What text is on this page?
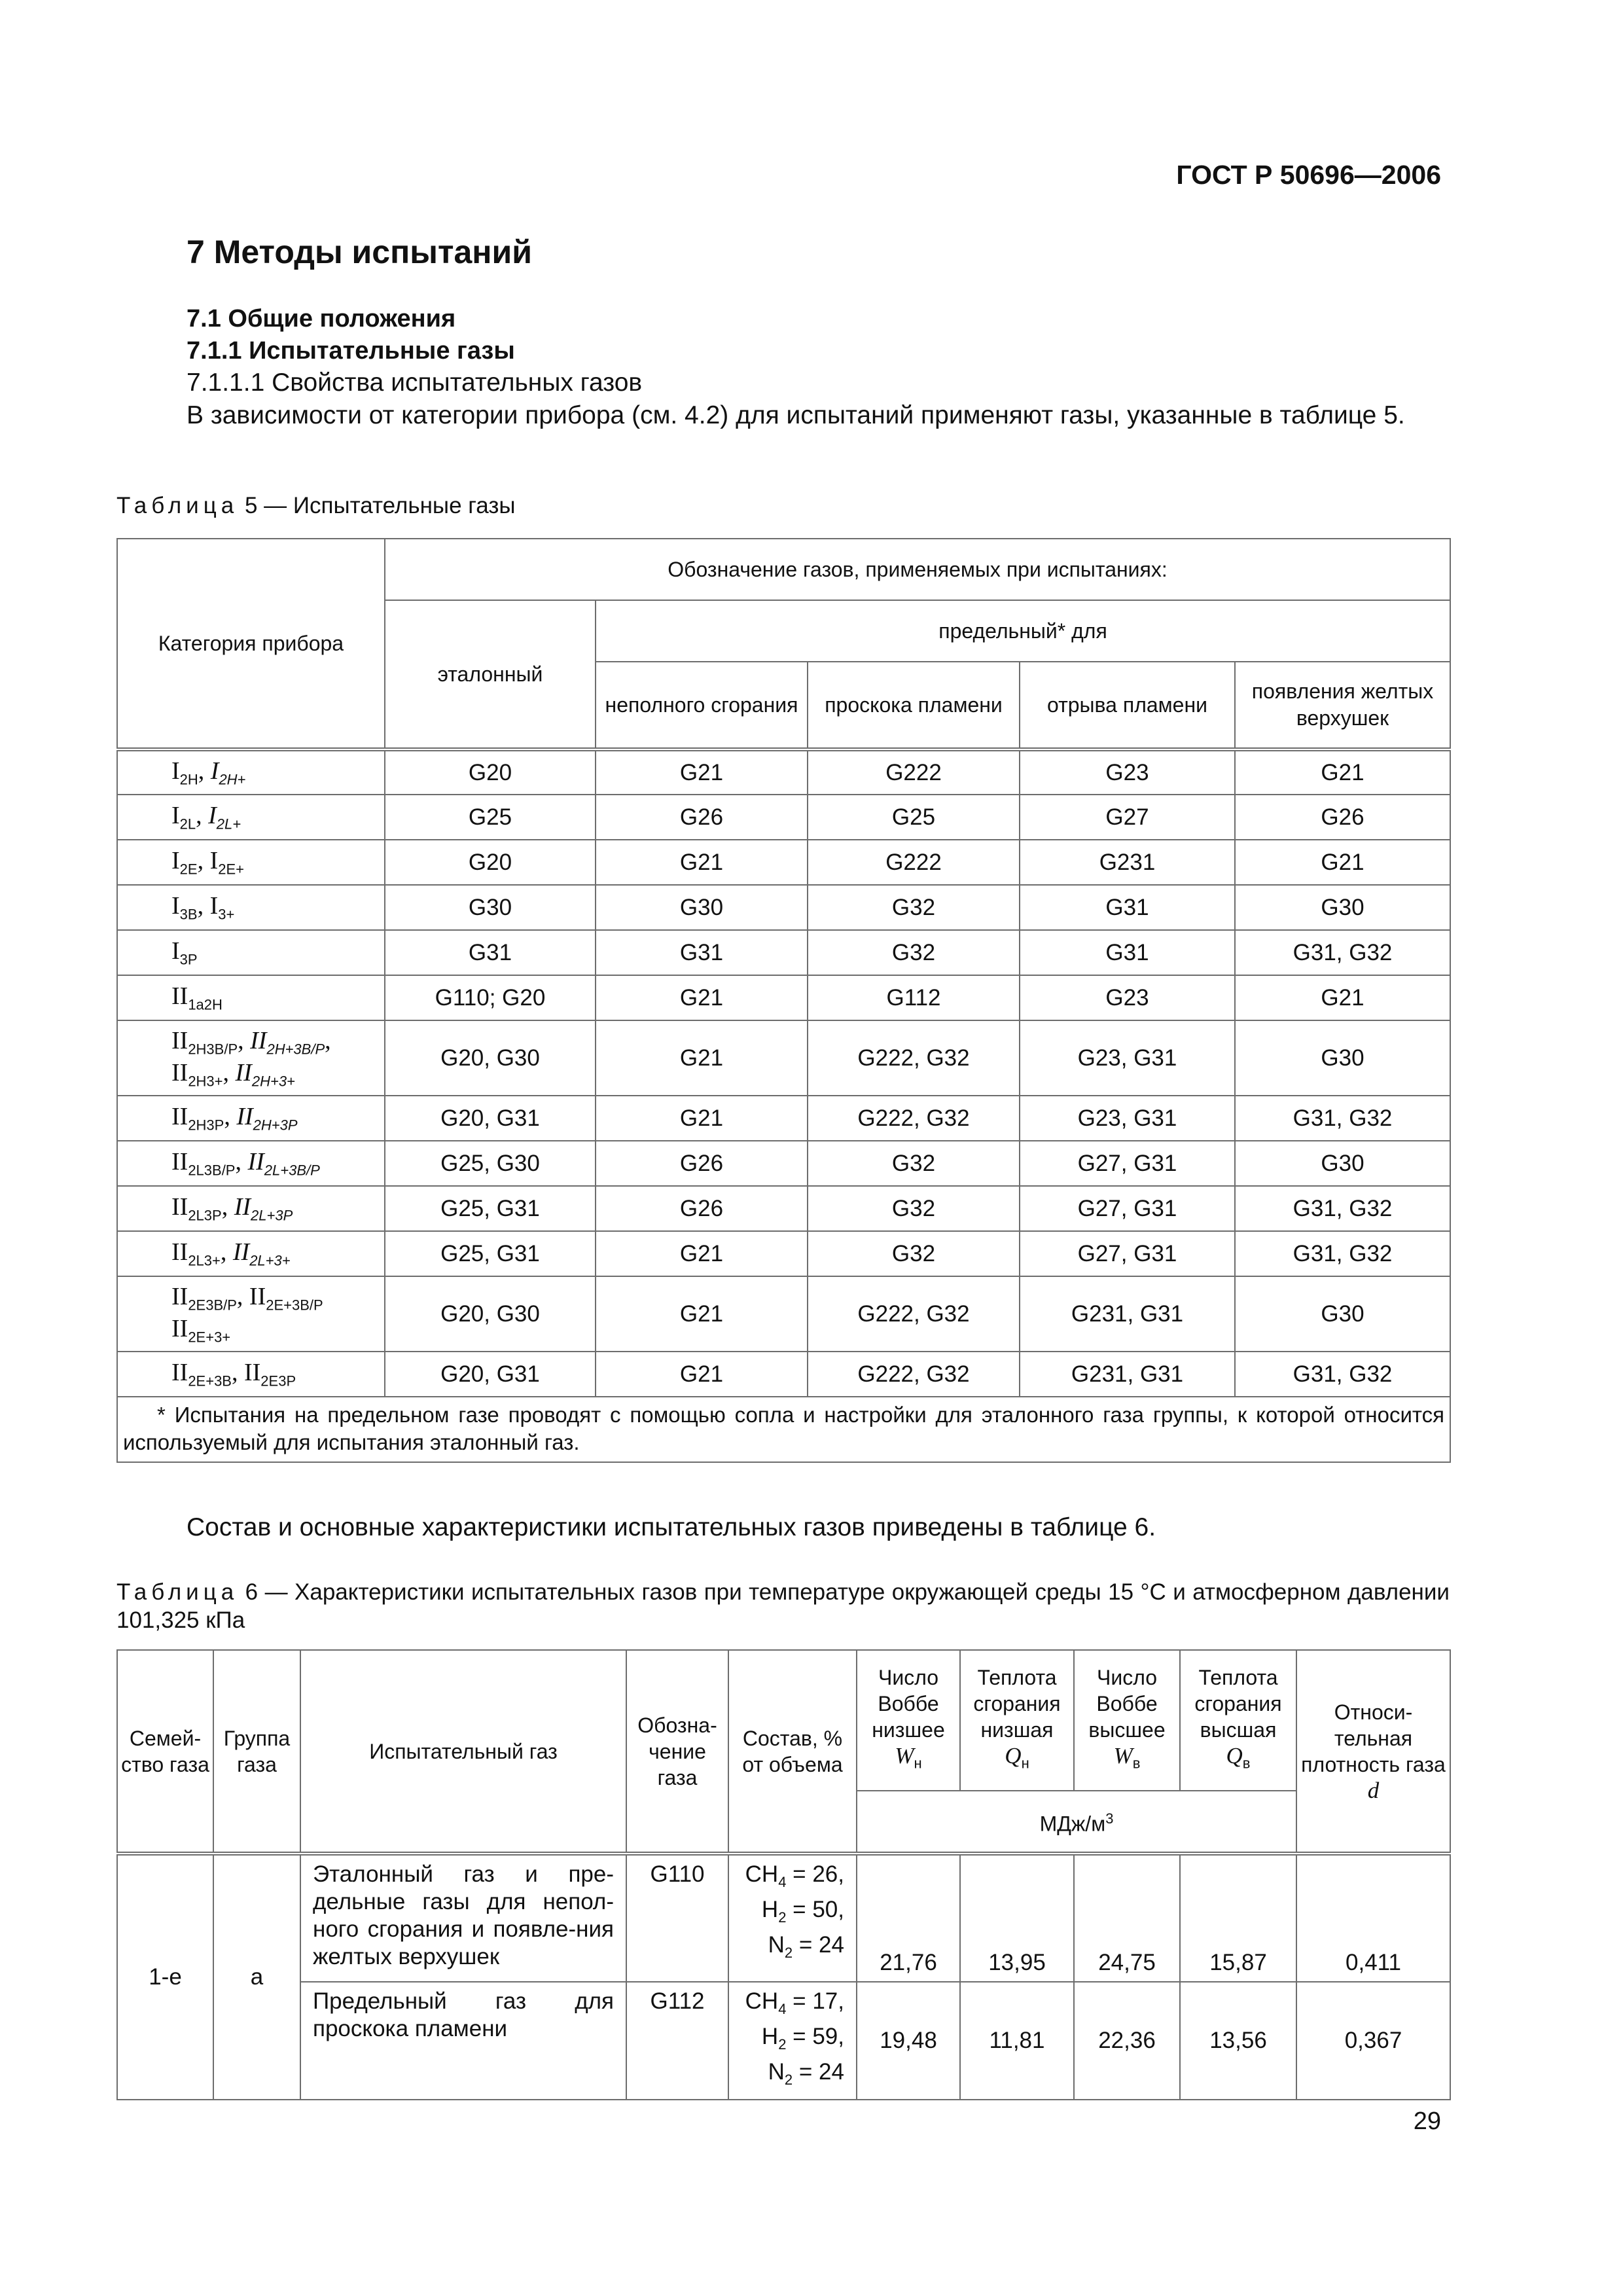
ГОСТ Р 50696—2006
7 Методы испытаний
7.1 Общие положения
7.1.1 Испытательные газы
7.1.1.1 Свойства испытательных газов
В зависимости от категории прибора (см. 4.2) для испытаний применяют газы, указанные в таблице 5.
Таблица 5 — Испытательные газы
Категория прибора	Обозначение газов, применяемых при испытаниях:				
	эталонный	предельный* для			
		неполного сгорания	проскока пламени	отрыва пламени	появления желтых верхушек
$I_{2H}$, $I_{2H+}$	G20	G21	G222	G23	G21
$I_{2L}$, $I_{2L+}$	G25	G26	G25	G27	G26
$I_{2E}$, $I_{2E+}$	G20	G21	G222	G231	G21
$I_{3B}$, $I_{3+}$	G30	G30	G32	G31	G30
$I_{3P}$	G31	G31	G32	G31	G31, G32
$II_{1a2H}$	G110; G20	G21	G112	G23	G21
$II_{2H3B/P}$, $II_{2H+3B/P}$,
$II_{2H3+}$, $II_{2H+3+}$	G20, G30	G21	G222, G32	G23, G31	G30
$II_{2H3P}$, $II_{2H+3P}$	G20, G31	G21	G222, G32	G23, G31	G31, G32
$II_{2L3B/P}$, $II_{2L+3B/P}$	G25, G30	G26	G32	G27, G31	G30
$II_{2L3P}$, $II_{2L+3P}$	G25, G31	G26	G32	G27, G31	G31, G32
$II_{2L3+}$, $II_{2L+3+}$	G25, G31	G21	G32	G27, G31	G31, G32
$II_{2E3B/P}$, $II_{2E+3B/P}$
$II_{2E+3+}$	G20, G30	G21	G222, G32	G231, G31	G30
$II_{2E+3B}$, $II_{2E3P}$	G20, G31	G21	G222, G32	G231, G31	G31, G32
* Испытания на предельном газе проводят с помощью сопла и настройки для эталонного газа группы, к которой относится используемый для испытания эталонный газ.					
Состав и основные характеристики испытательных газов приведены в таблице 6.
Таблица 6 — Характеристики испытательных газов при температуре окружающей среды 15 °С и атмосферном давлении 101,325 кПа
Семей-ство газа	Группа газа	Испытательный газ	Обозна-чение газа	Состав, % от объема	Число Воббе низшее
$W_н$	Теплота сгорания низшая
$Q_н$	Число Воббе высшее
$W_в$	Теплота сгорания высшая
$Q_в$	Относи-тельная плотность газа d
					МДж/$м^3$
1-е	а	Эталонный газ и пре-дельные газы для непол-ного сгорания и появле-ния желтых верхушек	G110	$CH_4 = 26$,
$H_2 = 50$,
$N_2 = 24$	21,76	13,95	24,75	15,87	0,411
		Предельный газ для проскока пламени	G112	$CH_4 = 17$,
$H_2 = 59$,
$N_2 = 24$	19,48	11,81	22,36	13,56	0,367
29
